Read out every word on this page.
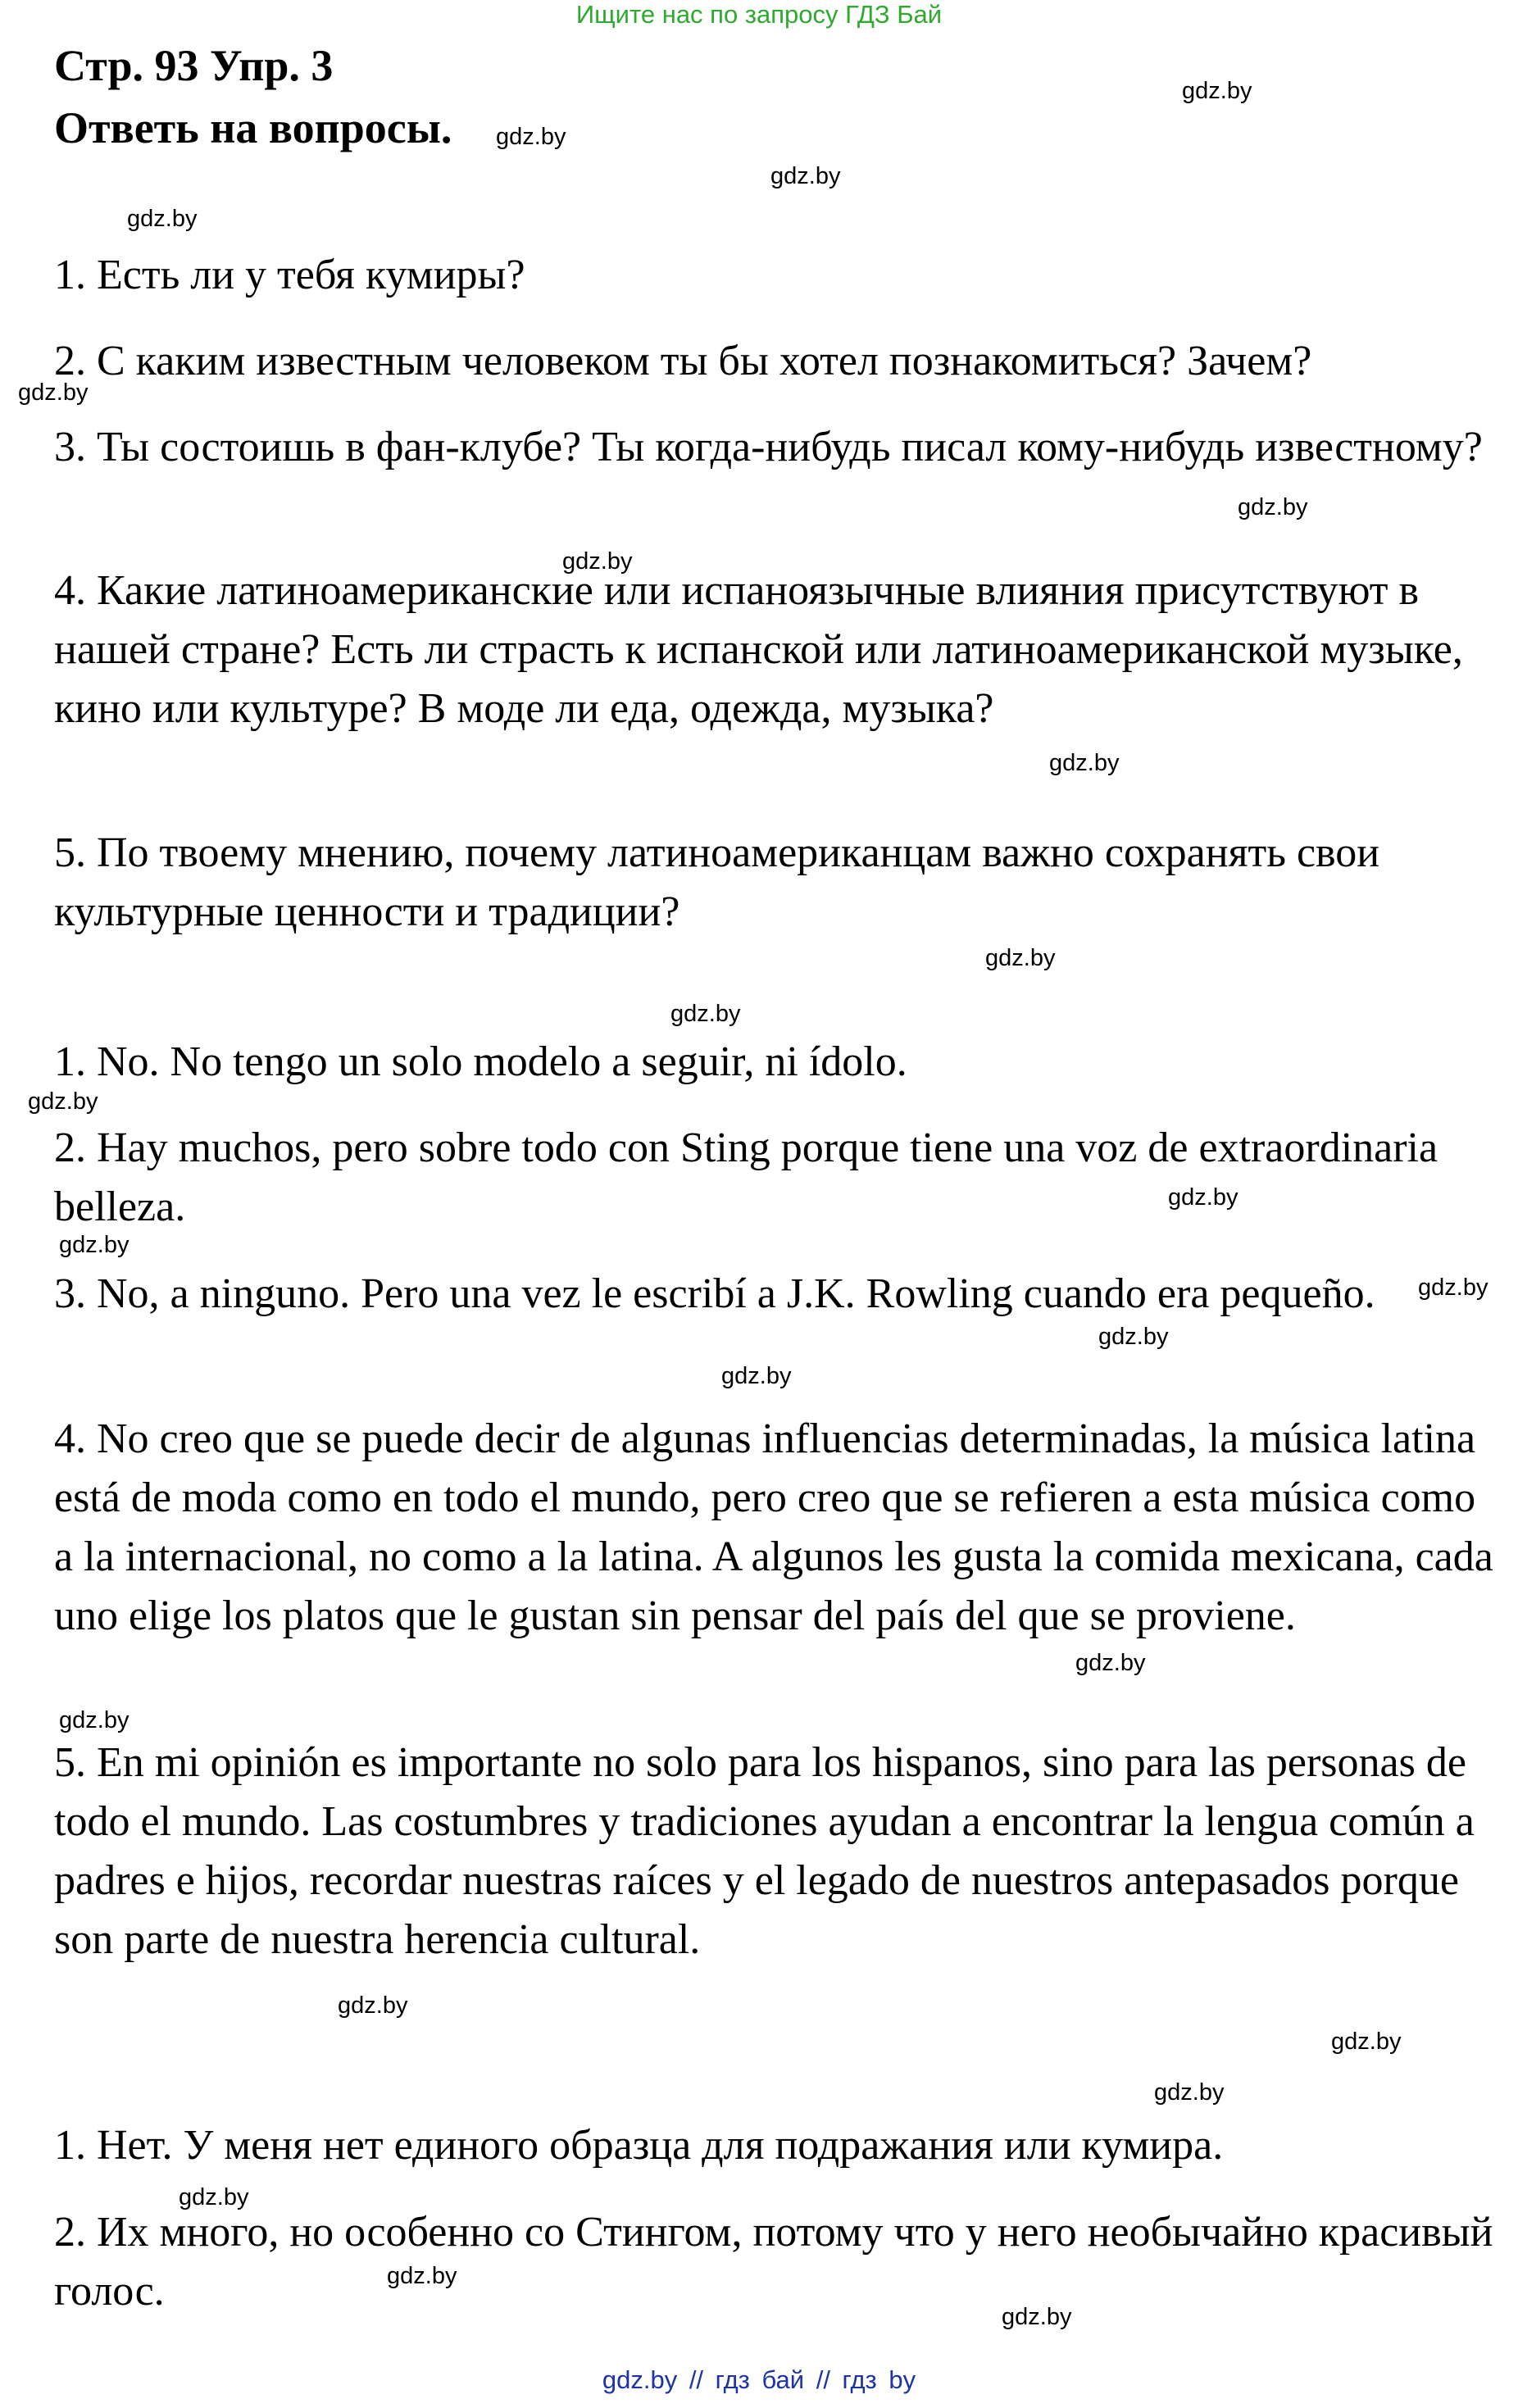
Ищите нас по запросу ГДЗ Бай
Стр. 93 Упр. 3
Ответь на вопросы.
1. Есть ли у тебя кумиры?
2. С каким известным человеком ты бы хотел познакомиться? Зачем?
3. Ты состоишь в фан-клубе? Ты когда-нибудь писал кому-нибудь известному?
4. Какие латиноамериканские или испаноязычные влияния присутствуют в нашей стране? Есть ли страсть к испанской или латиноамериканской музыке, кино или культуре? В моде ли еда, одежда, музыка?
5. По твоему мнению, почему латиноамериканцам важно сохранять свои культурные ценности и традиции?
1. No. No tengo un solo modelo a seguir, ni ídolo.
2. Hay muchos, pero sobre todo con Sting porque tiene una voz de extraordinaria belleza.
3. No, a ninguno. Pero una vez le escribí a J.K. Rowling cuando era pequeño.
4. No creo que se puede decir de algunas influencias determinadas, la música latina está de moda como en todo el mundo, pero creo que se refieren a esta música como a la internacional, no como a la latina. A algunos les gusta la comida mexicana, cada uno elige los platos que le gustan sin pensar del país del que se proviene.
5. En mi opinión es importante no solo para los hispanos, sino para las personas de todo el mundo. Las costumbres y tradiciones ayudan a encontrar la lengua común a padres e hijos, recordar nuestras raíces y el legado de nuestros antepasados porque son parte de nuestra herencia cultural.
1. Нет. У меня нет единого образца для подражания или кумира.
2. Их много, но особенно со Стингом, потому что у него необычайно красивый голос.
gdz.by
gdz.by
gdz.by
gdz.by
gdz.by
gdz.by
gdz.by
gdz.by
gdz.by
gdz.by
gdz.by
gdz.by
gdz.by
gdz.by
gdz.by
gdz.by
gdz.by
gdz.by
gdz.by
gdz.by
gdz.by
gdz.by
gdz.by
gdz.by
gdz.by // гдз бай // гдз by
